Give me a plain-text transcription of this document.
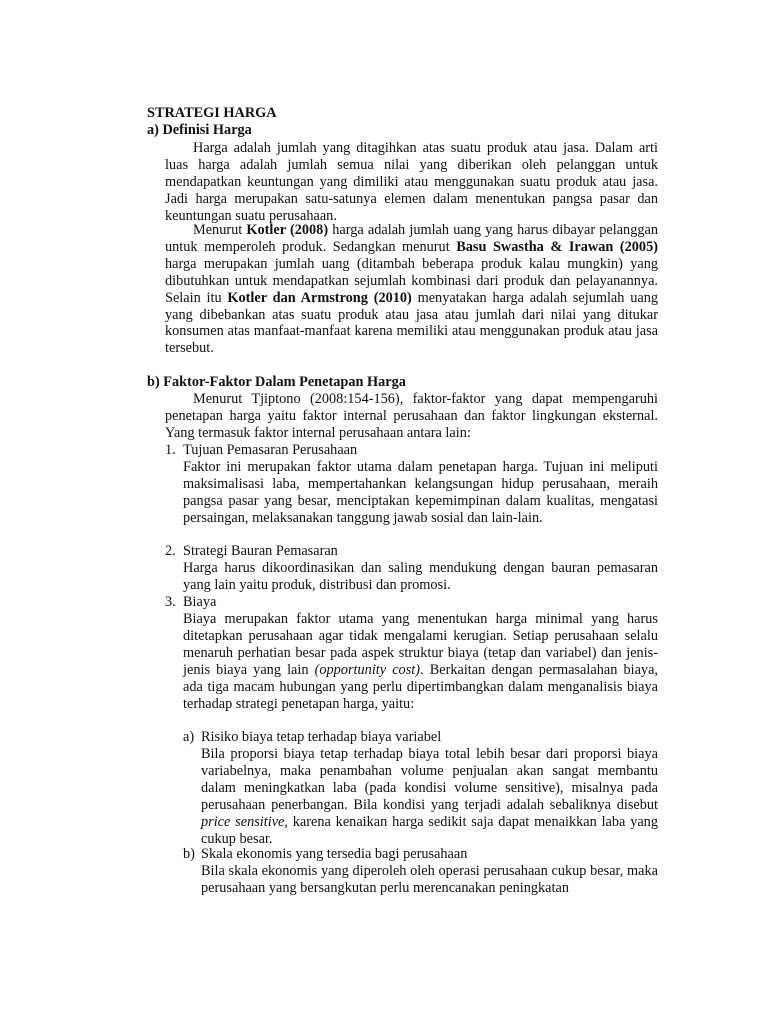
STRATEGI HARGA

a) Definisi Harga

Harga adalah jumlah yang ditagihkan atas suatu produk atau jasa. Dalam arti luas harga adalah jumlah semua nilai yang diberikan oleh pelanggan untuk mendapatkan keuntungan yang dimiliki atau menggunakan suatu produk atau jasa. Jadi harga merupakan satu-satunya elemen dalam menentukan pangsa pasar dan keuntungan suatu perusahaan.

Menurut Kotler (2008) harga adalah jumlah uang yang harus dibayar pelanggan untuk memperoleh produk. Sedangkan menurut Basu Swastha & Irawan (2005) harga merupakan jumlah uang (ditambah beberapa produk kalau mungkin) yang dibutuhkan untuk mendapatkan sejumlah kombinasi dari produk dan pelayanannya. Selain itu Kotler dan Armstrong (2010) menyatakan harga adalah sejumlah uang yang dibebankan atas suatu produk atau jasa atau jumlah dari nilai yang ditukar konsumen atas manfaat-manfaat karena memiliki atau menggunakan produk atau jasa tersebut.

b) Faktor-Faktor Dalam Penetapan Harga

Menurut Tjiptono (2008:154-156), faktor-faktor yang dapat mempengaruhi penetapan harga yaitu faktor internal perusahaan dan faktor lingkungan eksternal. Yang termasuk faktor internal perusahaan antara lain:

1. Tujuan Pemasaran Perusahaan

Faktor ini merupakan faktor utama dalam penetapan harga. Tujuan ini meliputi maksimalisasi laba, mempertahankan kelangsungan hidup perusahaan, meraih pangsa pasar yang besar, menciptakan kepemimpinan dalam kualitas, mengatasi persaingan, melaksanakan tanggung jawab sosial dan lain-lain.

2. Strategi Bauran Pemasaran

Harga harus dikoordinasikan dan saling mendukung dengan bauran pemasaran yang lain yaitu produk, distribusi dan promosi.

3. Biaya

Biaya merupakan faktor utama yang menentukan harga minimal yang harus ditetapkan perusahaan agar tidak mengalami kerugian. Setiap perusahaan selalu menaruh perhatian besar pada aspek struktur biaya (tetap dan variabel) dan jenis-jenis biaya yang lain (opportunity cost). Berkaitan dengan permasalahan biaya, ada tiga macam hubungan yang perlu dipertimbangkan dalam menganalisis biaya terhadap strategi penetapan harga, yaitu:

a) Risiko biaya tetap terhadap biaya variabel

Bila proporsi biaya tetap terhadap biaya total lebih besar dari proporsi biaya variabelnya, maka penambahan volume penjualan akan sangat membantu dalam meningkatkan laba (pada kondisi volume sensitive), misalnya pada perusahaan penerbangan. Bila kondisi yang terjadi adalah sebaliknya disebut price sensitive, karena kenaikan harga sedikit saja dapat menaikkan laba yang cukup besar.

b) Skala ekonomis yang tersedia bagi perusahaan

Bila skala ekonomis yang diperoleh oleh operasi perusahaan cukup besar, maka perusahaan yang bersangkutan perlu merencanakan peningkatan
